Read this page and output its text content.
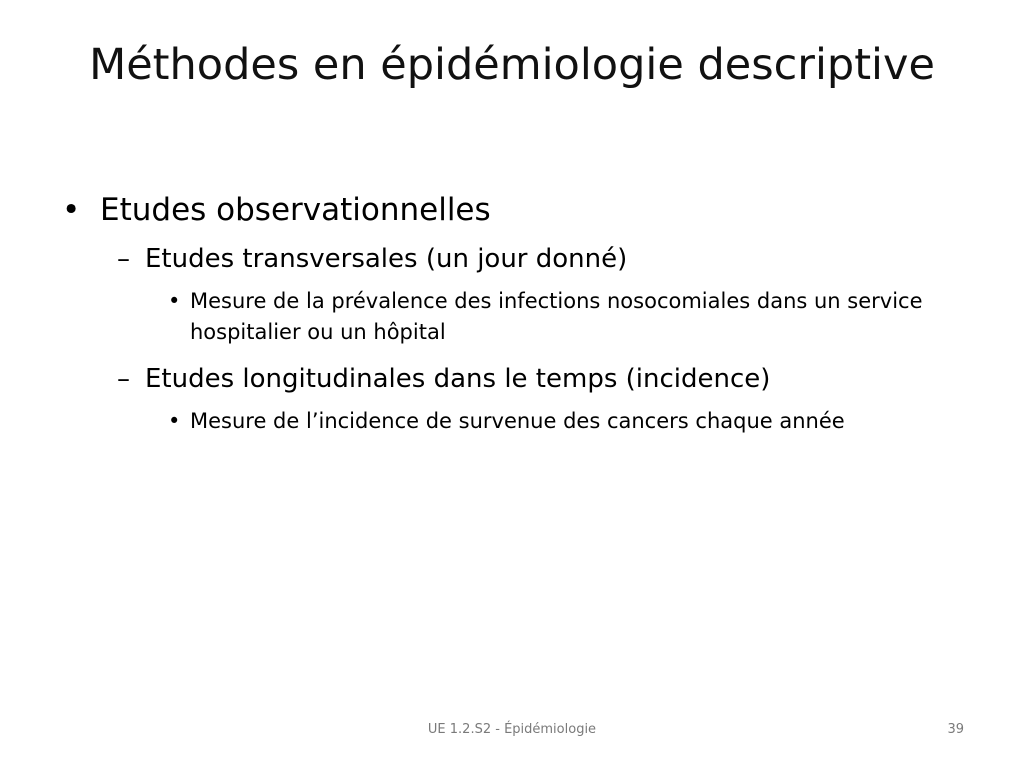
Méthodes en épidémiologie descriptive
• Etudes observationnelles
– Etudes transversales (un jour donné)
• Mesure de la prévalence des infections nosocomiales dans un service hospitalier ou un hôpital
– Etudes longitudinales dans le temps (incidence)
• Mesure de l’incidence de survenue des cancers chaque année
UE 1.2.S2 - Épidémiologie	39
